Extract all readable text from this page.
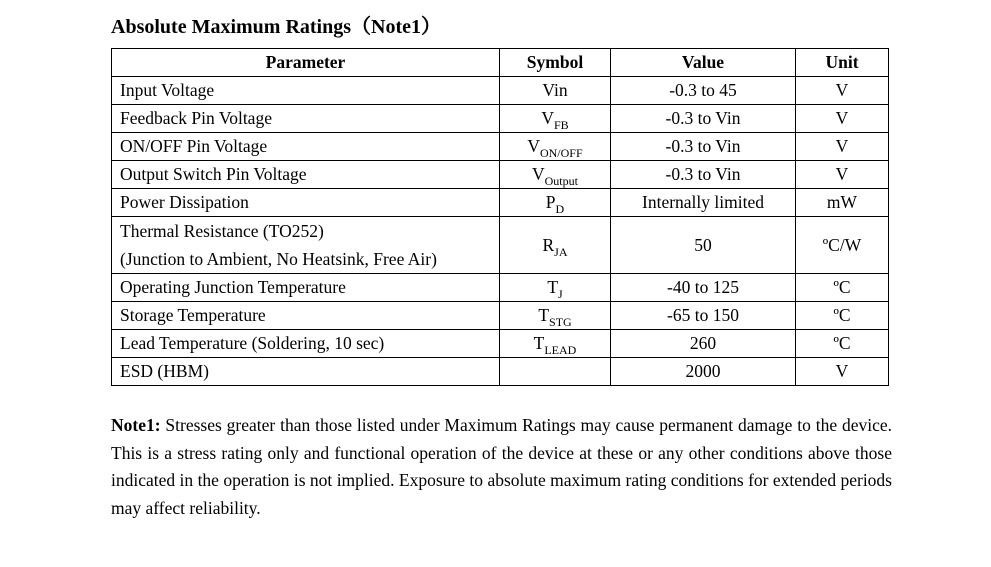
Absolute Maximum Ratings（Note1）
Parameter	Symbol	Value	Unit
Input Voltage	Vin	-0.3 to 45	V
Feedback Pin Voltage	$V_{FB}$	-0.3 to Vin	V
ON/OFF Pin Voltage	$V_{ON/OFF}$	-0.3 to Vin	V
Output Switch Pin Voltage	$V_{Output}$	-0.3 to Vin	V
Power Dissipation	$P_D$	Internally limited	mW
Thermal Resistance (TO252)
(Junction to Ambient, No Heatsink, Free Air)	$R_{JA}$	50	ºC/W
Operating Junction Temperature	$T_J$	-40 to 125	ºC
Storage Temperature	$T_{STG}$	-65 to 150	ºC
Lead Temperature (Soldering, 10 sec)	$T_{LEAD}$	260	ºC
ESD (HBM)		2000	V

Note1: Stresses greater than those listed under Maximum Ratings may cause permanent damage to the device. This is a stress rating only and functional operation of the device at these or any other conditions above those indicated in the operation is not implied. Exposure to absolute maximum rating conditions for extended periods may affect reliability.
